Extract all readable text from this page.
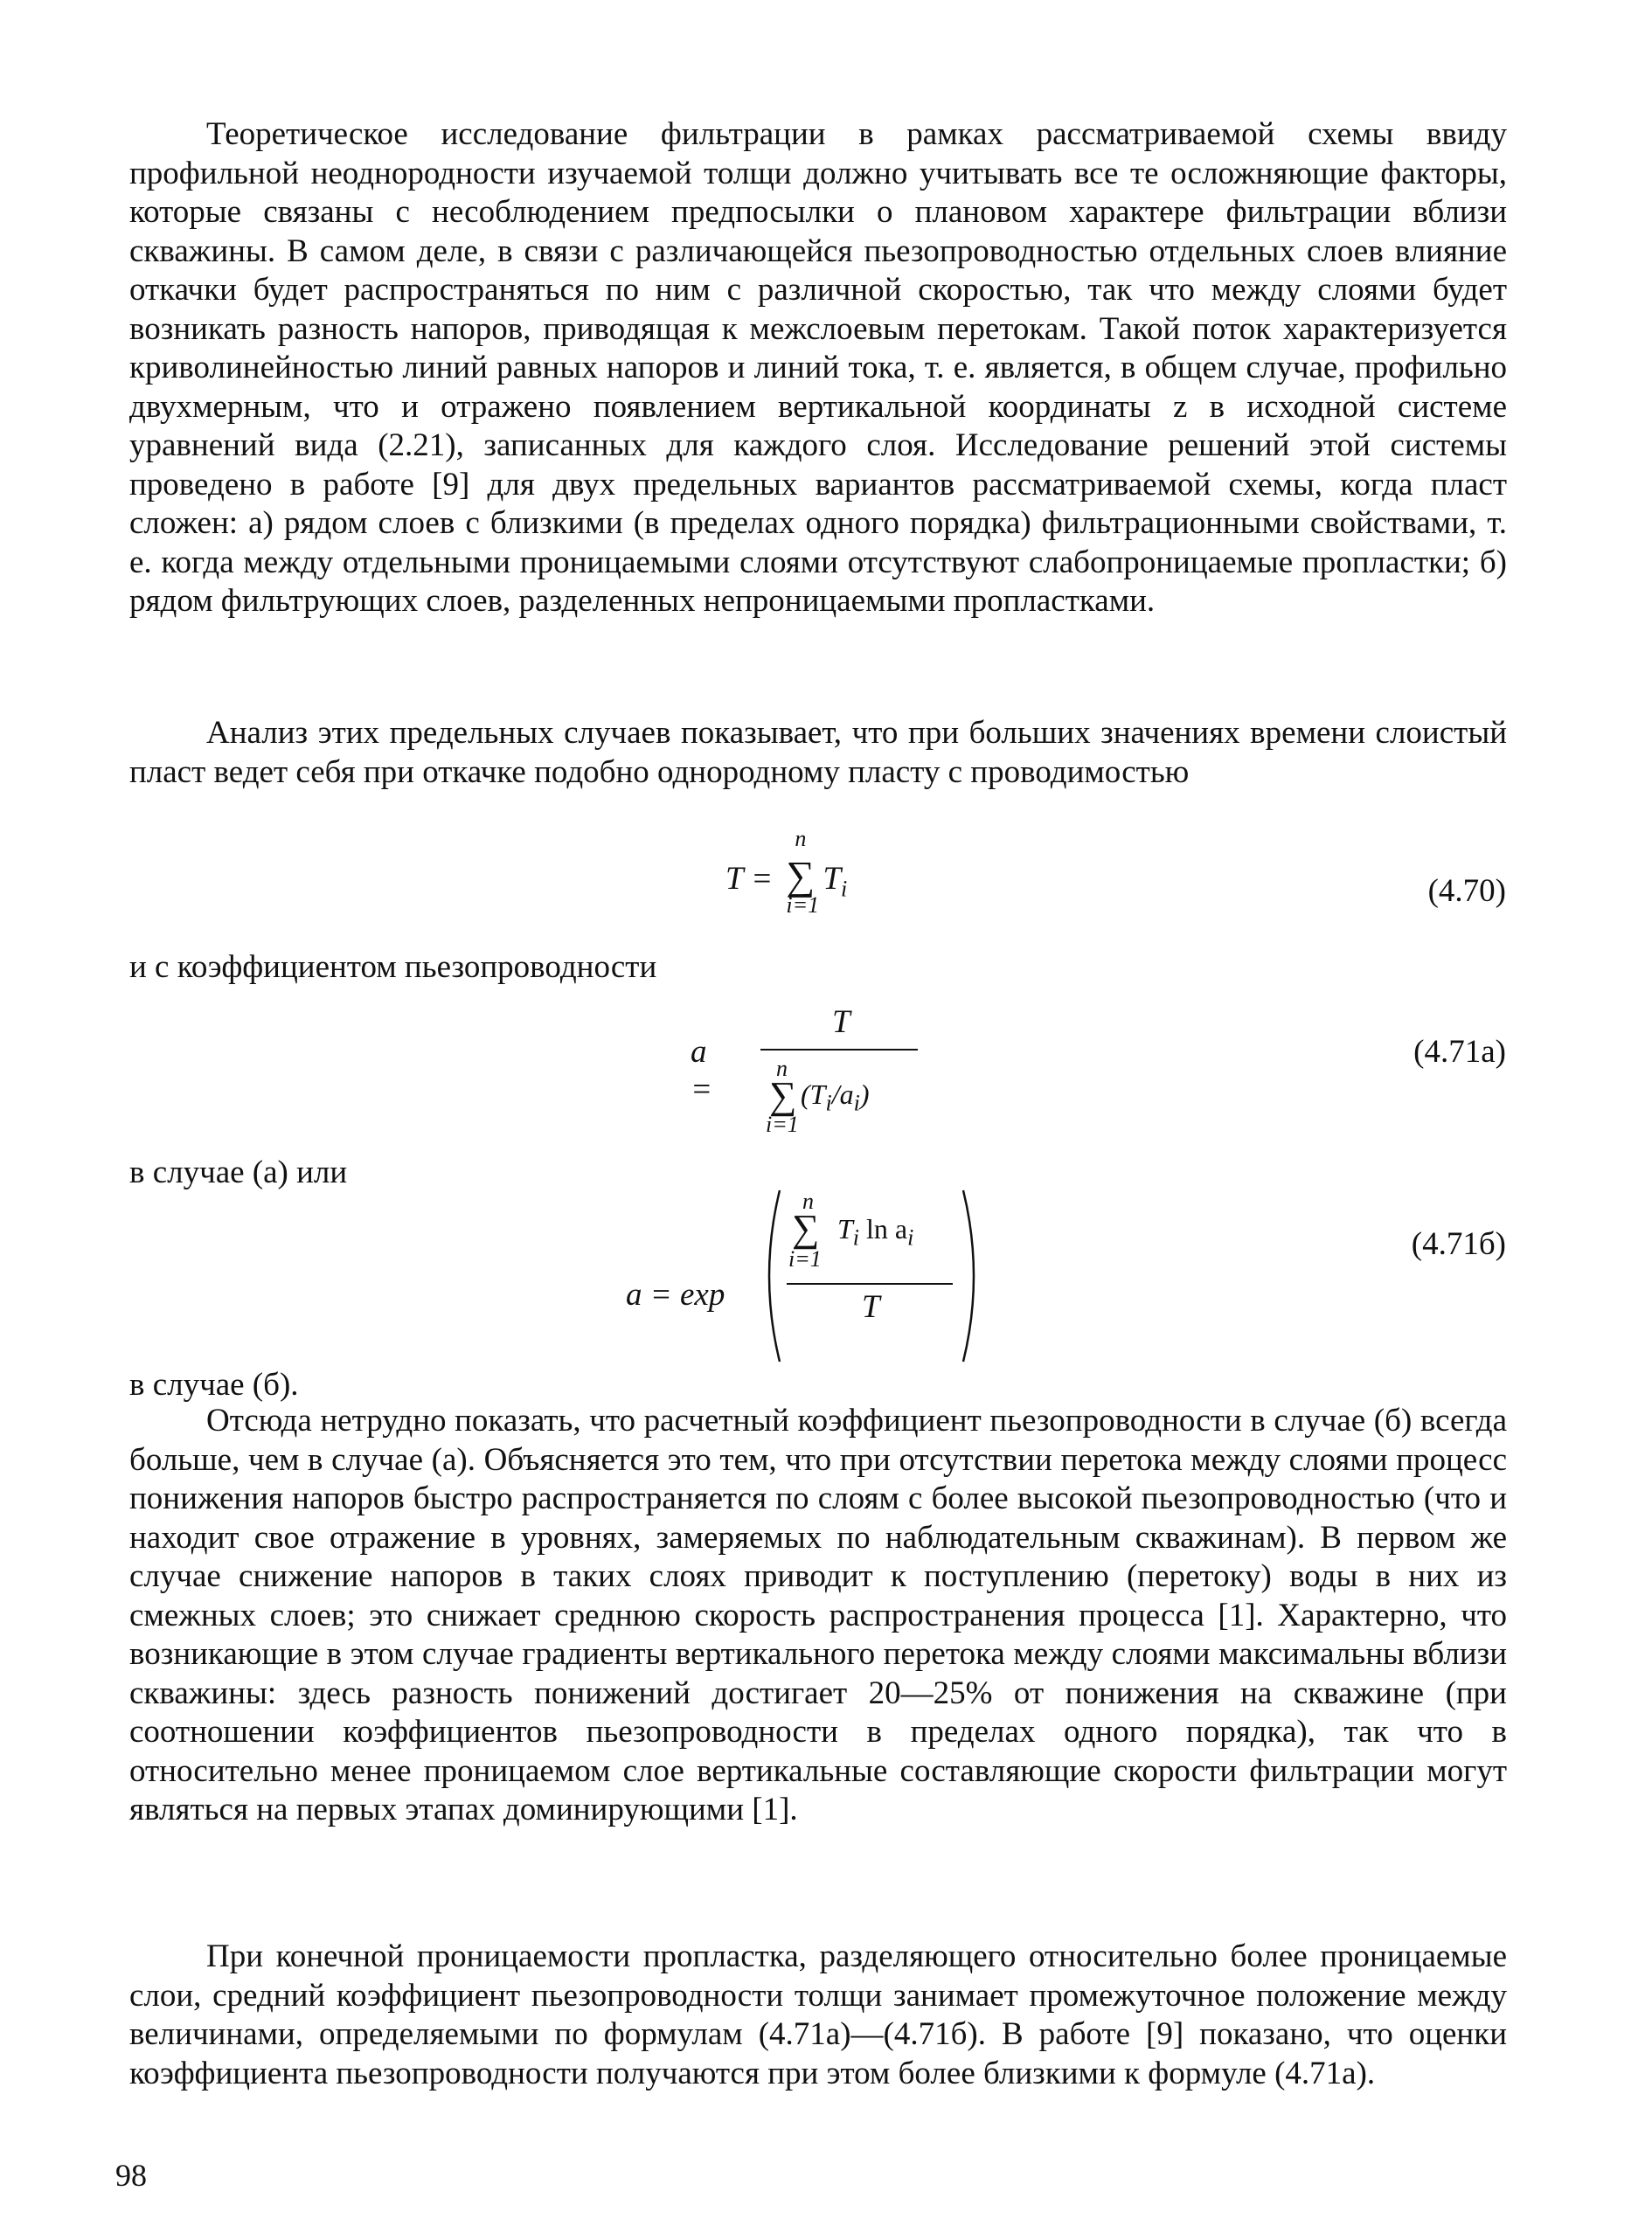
Теоретическое исследование фильтрации в рамках рассматриваемой схемы ввиду профильной неоднородности изучаемой толщи должно учитывать все те осложняющие факторы, которые связаны с несоблюдением предпосылки о плановом характере фильтрации вблизи скважины. В самом деле, в связи с различающейся пьезопроводностью отдельных слоев влияние откачки будет распространяться по ним с различной скоростью, так что между слоями будет возникать разность напоров, приводящая к межслоевым перетокам. Такой поток характеризуется криволинейностью линий равных напоров и линий тока, т. е. является, в общем случае, профильно двухмерным, что и отражено появлением вертикальной координаты z в исходной системе уравнений вида (2.21), записанных для каждого слоя. Исследование решений этой системы проведено в работе [9] для двух предельных вариантов рассматриваемой схемы, когда пласт сложен: а) рядом слоев с близкими (в пределах одного порядка) фильтрационными свойствами, т. е. когда между отдельными проницаемыми слоями отсутствуют слабопроницаемые пропластки; б) рядом фильтрующих слоев, разделенных непроницаемыми пропластками.

Анализ этих предельных случаев показывает, что при больших значениях времени слоистый пласт ведет себя при откачке подобно однородному пласту с проводимостью

T = ∑
n
i=1
$T_i$	(4.70)

и с коэффициентом пьезопроводности

a =
T
n
∑
i=1
$(T_i/a_i)$
(4.71а)

в случае (а) или

a = exp
n
∑
i=1
$T_i$ $\ln a_i$
T
(4.71б)

в случае (б).

Отсюда нетрудно показать, что расчетный коэффициент пьезопроводности в случае (б) всегда больше, чем в случае (а). Объясняется это тем, что при отсутствии перетока между слоями процесс понижения напоров быстро распространяется по слоям с более высокой пьезопроводностью (что и находит свое отражение в уровнях, замеряемых по наблюдательным скважинам). В первом же случае снижение напоров в таких слоях приводит к поступлению (перетоку) воды в них из смежных слоев; это снижает среднюю скорость распространения процесса [1]. Характерно, что возникающие в этом случае градиенты вертикального перетока между слоями максимальны вблизи скважины: здесь разность понижений достигает 20—25% от понижения на скважине (при соотношении коэффициентов пьезопроводности в пределах одного порядка), так что в относительно менее проницаемом слое вертикальные составляющие скорости фильтрации могут являться на первых этапах доминирующими [1].

При конечной проницаемости пропластка, разделяющего относительно более проницаемые слои, средний коэффициент пьезопроводности толщи занимает промежуточное положение между величинами, определяемыми по формулам (4.71а)—(4.71б). В работе [9] показано, что оценки коэффициента пьезопроводности получаются при этом более близкими к формуле (4.71а).

98
